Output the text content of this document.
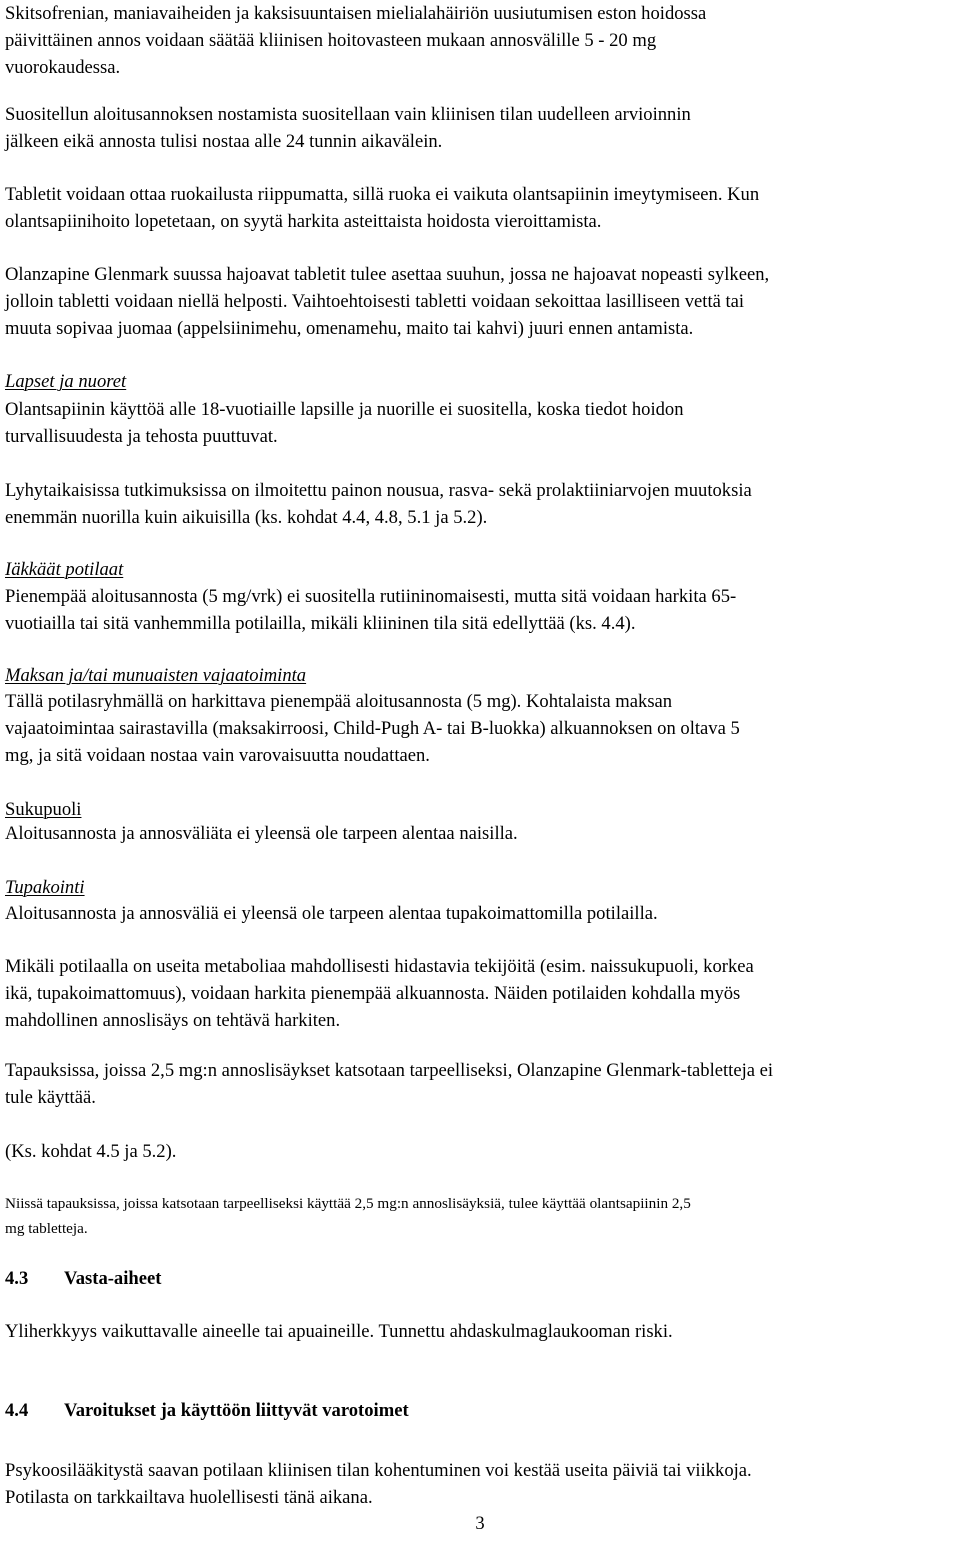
Skitsofrenian, maniavaiheiden ja kaksisuuntaisen mielialahäiriön uusiutumisen eston hoidossa
päivittäinen annos voidaan säätää kliinisen hoitovasteen mukaan annosvälille 5 - 20 mg
vuorokaudessa.

Suositellun aloitusannoksen nostamista suositellaan vain kliinisen tilan uudelleen arvioinnin
jälkeen eikä annosta tulisi nostaa alle 24 tunnin aikavälein.

Tabletit voidaan ottaa ruokailusta riippumatta, sillä ruoka ei vaikuta olantsapiinin imeytymiseen. Kun
olantsapiinihoito lopetetaan, on syytä harkita asteittaista hoidosta vieroittamista.

Olanzapine Glenmark suussa hajoavat tabletit tulee asettaa suuhun, jossa ne hajoavat nopeasti sylkeen,
jolloin tabletti voidaan niellä helposti. Vaihtoehtoisesti tabletti voidaan sekoittaa lasilliseen vettä tai
muuta sopivaa juomaa (appelsiinimehu, omenamehu, maito tai kahvi) juuri ennen antamista.

Lapset ja nuoret

Olantsapiinin käyttöä alle 18-vuotiaille lapsille ja nuorille ei suositella, koska tiedot hoidon
turvallisuudesta ja tehosta puuttuvat.

Lyhytaikaisissa tutkimuksissa on ilmoitettu painon nousua, rasva- sekä prolaktiiniarvojen muutoksia
enemmän nuorilla kuin aikuisilla (ks. kohdat 4.4, 4.8, 5.1 ja 5.2).

Iäkkäät potilaat

Pienempää aloitusannosta (5 mg/vrk) ei suositella rutiininomaisesti, mutta sitä voidaan harkita 65-
vuotiailla tai sitä vanhemmilla potilailla, mikäli kliininen tila sitä edellyttää (ks. 4.4).

Maksan ja/tai munuaisten vajaatoiminta

Tällä potilasryhmällä on harkittava pienempää aloitusannosta (5 mg). Kohtalaista maksan
vajaatoimintaa sairastavilla (maksakirroosi, Child-Pugh A- tai B-luokka) alkuannoksen on oltava 5
mg, ja sitä voidaan nostaa vain varovaisuutta noudattaen.

Sukupuoli

Aloitusannosta ja annosväliäta ei yleensä ole tarpeen alentaa naisilla.

Tupakointi

Aloitusannosta ja annosväliä ei yleensä ole tarpeen alentaa tupakoimattomilla potilailla.

Mikäli potilaalla on useita metaboliaa mahdollisesti hidastavia tekijöitä (esim. naissukupuoli, korkea
ikä, tupakoimattomuus), voidaan harkita pienempää alkuannosta. Näiden potilaiden kohdalla myös
mahdollinen annoslisäys on tehtävä harkiten.

Tapauksissa, joissa 2,5 mg:n annoslisäykset katsotaan tarpeelliseksi, Olanzapine Glenmark-tabletteja ei
tule käyttää.

(Ks. kohdat 4.5 ja 5.2).

Niissä tapauksissa, joissa katsotaan tarpeelliseksi käyttää 2,5 mg:n annoslisäyksiä, tulee käyttää olantsapiinin 2,5
mg tabletteja.

4.3 Vasta-aiheet

Yliherkkyys vaikuttavalle aineelle tai apuaineille. Tunnettu ahdaskulmaglaukooman riski.

4.4 Varoitukset ja käyttöön liittyvät varotoimet

Psykoosilääkitystä saavan potilaan kliinisen tilan kohentuminen voi kestää useita päiviä tai viikkoja.
Potilasta on tarkkailtava huolellisesti tänä aikana.

3
